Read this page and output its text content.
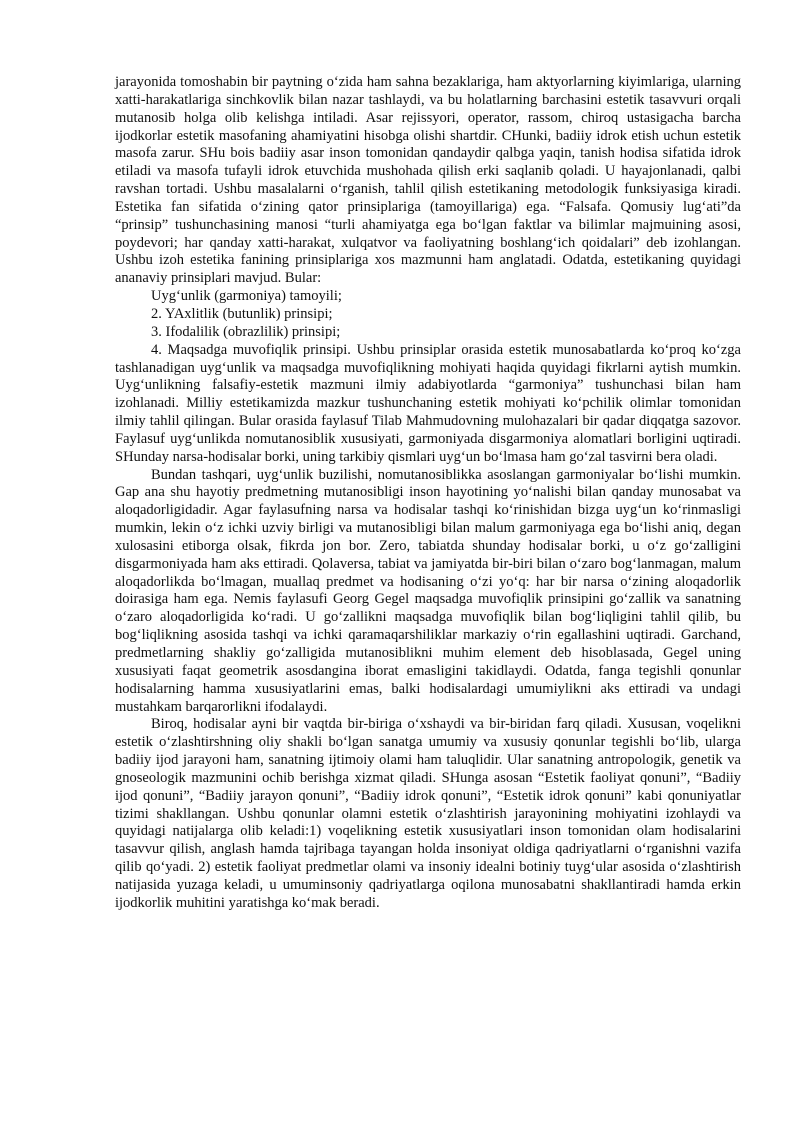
jarayonida tomoshabin bir paytning o‘zida ham sahna bezaklariga, ham aktyorlarning kiyimlariga, ularning xatti-harakatlariga sinchkovlik bilan nazar tashlaydi, va bu holatlarning barchasini estetik tasavvuri orqali mutanosib holga olib kelishga intiladi. Asar rejissyori, operator, rassom, chiroq ustasigacha barcha ijodkorlar estetik masofaning ahamiyatini hisobga olishi shartdir. CHunki, badiiy idrok etish uchun estetik masofa zarur. SHu bois badiiy asar inson tomonidan qandaydir qalbga yaqin, tanish hodisa sifatida idrok etiladi va masofa tufayli idrok etuvchida mushohada qilish erki saqlanib qoladi. U hayajonlanadi, qalbi ravshan tortadi. Ushbu masalalarni o‘rganish, tahlil qilish estetikaning metodologik funksiyasiga kiradi. Estetika fan sifatida o‘zining qator prinsiplariga (tamoyillariga) ega. “Falsafa. Qomusiy lug‘ati”da “prinsip” tushunchasining manosi “turli ahamiyatga ega bo‘lgan faktlar va bilimlar majmuining asosi, poydevori; har qanday xatti-harakat, xulqatvor va faoliyatning boshlang‘ich qoidalari” deb izohlangan. Ushbu izoh estetika fanining prinsiplariga xos mazmunni ham anglatadi. Odatda, estetikaning quyidagi ananaviy prinsiplari mavjud. Bular:

Uyg‘unlik (garmoniya) tamoyili;

2. YAxlitlik (butunlik) prinsipi;

3. Ifodalilik (obrazlilik) prinsipi;

4. Maqsadga muvofiqlik prinsipi. Ushbu prinsiplar orasida estetik munosabatlarda ko‘proq ko‘zga tashlanadigan uyg‘unlik va maqsadga muvofiqlikning mohiyati haqida quyidagi fikrlarni aytish mumkin. Uyg‘unlikning falsafiy-estetik mazmuni ilmiy adabiyotlarda “garmoniya” tushunchasi bilan ham izohlanadi. Milliy estetikamizda mazkur tushunchaning estetik mohiyati ko‘pchilik olimlar tomonidan ilmiy tahlil qilingan. Bular orasida faylasuf Tilab Mahmudovning mulohazalari bir qadar diqqatga sazovor. Faylasuf uyg‘unlikda nomutanosiblik xususiyati, garmoniyada disgarmoniya alomatlari borligini uqtiradi. SHunday narsa-hodisalar borki, uning tarkibiy qismlari uyg‘un bo‘lmasa ham go‘zal tasvirni bera oladi.

Bundan tashqari, uyg‘unlik buzilishi, nomutanosiblikka asoslangan garmoniyalar bo‘lishi mumkin. Gap ana shu hayotiy predmetning mutanosibligi inson hayotining yo‘nalishi bilan qanday munosabat va aloqadorligidadir. Agar faylasufning narsa va hodisalar tashqi ko‘rinishidan bizga uyg‘un ko‘rinmasligi mumkin, lekin o‘z ichki uzviy birligi va mutanosibligi bilan malum garmoniyaga ega bo‘lishi aniq, degan xulosasini etiborga olsak, fikrda jon bor. Zero, tabiatda shunday hodisalar borki, u o‘z go‘zalligini disgarmoniyada ham aks ettiradi. Qolaversa, tabiat va jamiyatda bir-biri bilan o‘zaro bog‘lanmagan, malum aloqadorlikda bo‘lmagan, muallaq predmet va hodisaning o‘zi yo‘q: har bir narsa o‘zining aloqadorlik doirasiga ham ega. Nemis faylasufi Georg Gegel maqsadga muvofiqlik prinsipini go‘zallik va sanatning o‘zaro aloqadorligida ko‘radi. U go‘zallikni maqsadga muvofiqlik bilan bog‘liqligini tahlil qilib, bu bog‘liqlikning asosida tashqi va ichki qaramaqarshiliklar markaziy o‘rin egallashini uqtiradi. Garchand, predmetlarning shakliy go‘zalligida mutanosiblikni muhim element deb hisoblasada, Gegel uning xususiyati faqat geometrik asosdangina iborat emasligini takidlaydi. Odatda, fanga tegishli qonunlar hodisalarning hamma xususiyatlarini emas, balki hodisalardagi umumiylikni aks ettiradi va undagi mustahkam barqarorlikni ifodalaydi.

Biroq, hodisalar ayni bir vaqtda bir-biriga o‘xshaydi va bir-biridan farq qiladi. Xususan, voqelikni estetik o‘zlashtirshning oliy shakli bo‘lgan sanatga umumiy va xususiy qonunlar tegishli bo‘lib, ularga badiiy ijod jarayoni ham, sanatning ijtimoiy olami ham taluqlidir. Ular sanatning antropologik, genetik va gnoseologik mazmunini ochib berishga xizmat qiladi. SHunga asosan “Estetik faoliyat qonuni”, “Badiiy ijod qonuni”, “Badiiy jarayon qonuni”, “Badiiy idrok qonuni”, “Estetik idrok qonuni” kabi qonuniyatlar tizimi shakllangan. Ushbu qonunlar olamni estetik o‘zlashtirish jarayonining mohiyatini izohlaydi va quyidagi natijalarga olib keladi:1) voqelikning estetik xususiyatlari inson tomonidan olam hodisalarini tasavvur qilish, anglash hamda tajribaga tayangan holda insoniyat oldiga qadriyatlarni o‘rganishni vazifa qilib qo‘yadi. 2) estetik faoliyat predmetlar olami va insoniy idealni botiniy tuyg‘ular asosida o‘zlashtirish natijasida yuzaga keladi, u umuminsoniy qadriyatlarga oqilona munosabatni shakllantiradi hamda erkin ijodkorlik muhitini yaratishga ko‘mak beradi.
